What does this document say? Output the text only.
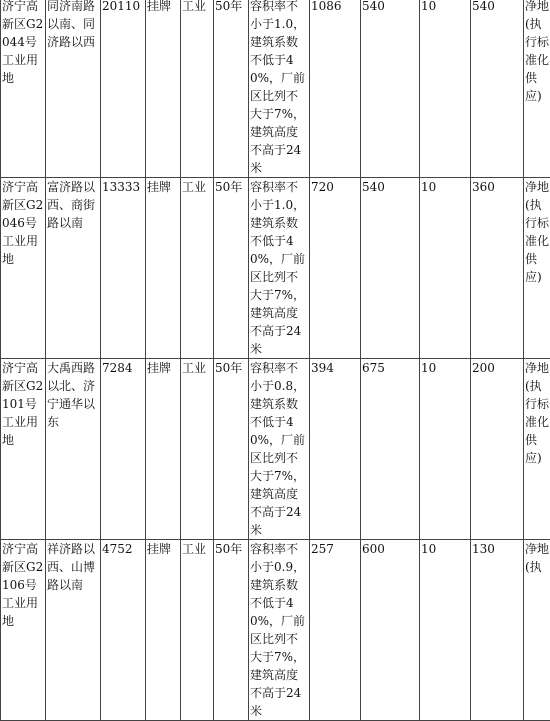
济宁高新区G2044号工业用地	同济南路以南、同济路以西	20110	挂牌	工业	50年	容积率不小于1.0，建筑系数不低于40%，厂前区比列不大于7%，建筑高度不高于24米	1086	540	10	540	净地(执行标准化供应)
济宁高新区G2046号工业用地	富济路以西、商街路以南	13333	挂牌	工业	50年	容积率不小于1.0，建筑系数不低于40%，厂前区比列不大于7%，建筑高度不高于24米	720	540	10	360	净地(执行标准化供应)
济宁高新区G2101号工业用地	大禹西路以北、济宁通华以东	7284	挂牌	工业	50年	容积率不小于0.8，建筑系数不低于40%，厂前区比列不大于7%，建筑高度不高于24米	394	675	10	200	净地(执行标准化供应)
济宁高新区G2106号工业用地	祥济路以西、山博路以南	4752	挂牌	工业	50年	容积率不小于0.9，建筑系数不低于40%，厂前区比列不大于7%，建筑高度不高于24米	257	600	10	130	净地(执
